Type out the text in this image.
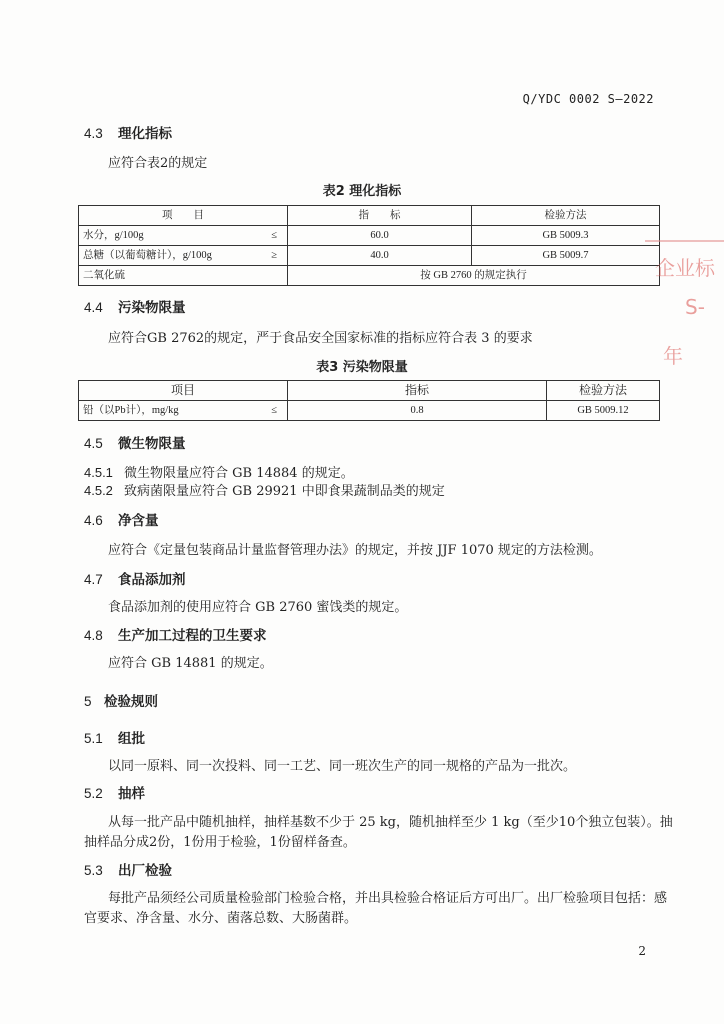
Q/YDC 0002 S—2022
4.3 理化指标
应符合表2的规定
表2 理化指标
项　　目	指　　标	检验方法
水分，g/100g ≤	60.0	GB 5009.3
总糖（以葡萄糖计），g/100g ≥	40.0	GB 5009.7
二氧化硫	按 GB 2760 的规定执行	
4.4 污染物限量
应符合GB 2762的规定，严于食品安全国家标准的指标应符合表 3 的要求
表3 污染物限量
项目	指标	检验方法
铅（以Pb计），mg/kg ≤	0.8	GB 5009.12
4.5 微生物限量
4.5.1 微生物限量应符合 GB 14884 的规定。
4.5.2 致病菌限量应符合 GB 29921 中即食果蔬制品类的规定
4.6 净含量
应符合《定量包装商品计量监督管理办法》的规定，并按 JJF 1070 规定的方法检测。
4.7 食品添加剂
食品添加剂的使用应符合 GB 2760 蜜饯类的规定。
4.8 生产加工过程的卫生要求
应符合 GB 14881 的规定。
5 检验规则
5.1 组批
以同一原料、同一次投料、同一工艺、同一班次生产的同一规格的产品为一批次。
5.2 抽样
从每一批产品中随机抽样，抽样基数不少于 25 kg，随机抽样至少 1 kg（至少10个独立包装）。抽
抽样品分成2份，1份用于检验，1份留样备查。
5.3 出厂检验
每批产品须经公司质量检验部门检验合格，并出具检验合格证后方可出厂。出厂检验项目包括：感
官要求、净含量、水分、菌落总数、大肠菌群。
企业标
S-
年
2
